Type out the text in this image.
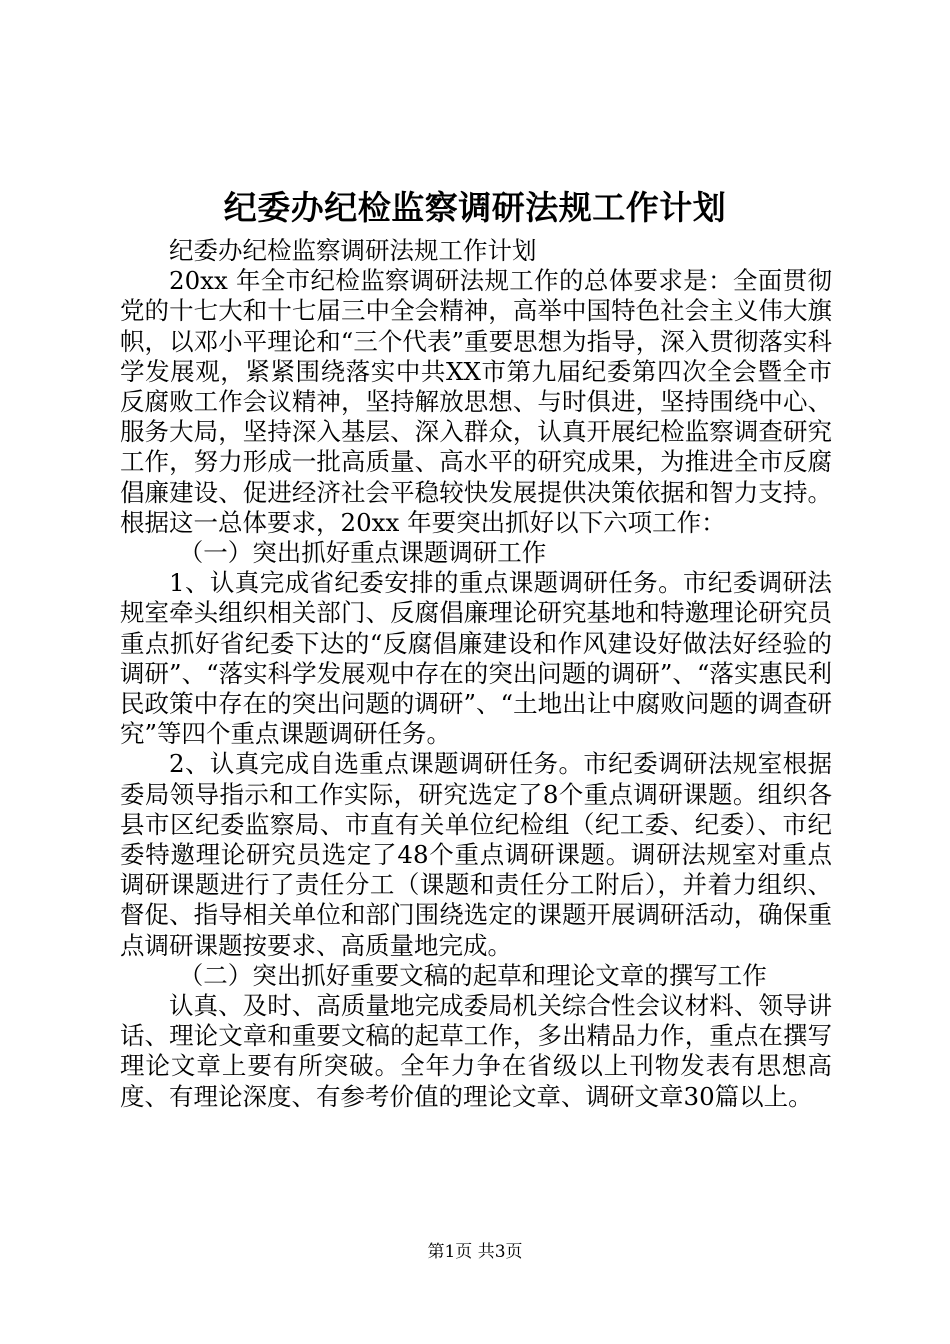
纪委办纪检监察调研法规工作计划

纪委办纪检监察调研法规工作计划

20xx 年全市纪检监察调研法规工作的总体要求是：全面贯彻党的十七大和十七届三中全会精神，高举中国特色社会主义伟大旗帜，以邓小平理论和“三个代表”重要思想为指导，深入贯彻落实科学发展观，紧紧围绕落实中共XX市第九届纪委第四次全会暨全市反腐败工作会议精神，坚持解放思想、与时俱进，坚持围绕中心、服务大局，坚持深入基层、深入群众，认真开展纪检监察调查研究工作，努力形成一批高质量、高水平的研究成果，为推进全市反腐倡廉建设、促进经济社会平稳较快发展提供决策依据和智力支持。根据这一总体要求，20xx 年要突出抓好以下六项工作：

（一）突出抓好重点课题调研工作

1、认真完成省纪委安排的重点课题调研任务。市纪委调研法规室牵头组织相关部门、反腐倡廉理论研究基地和特邀理论研究员重点抓好省纪委下达的“反腐倡廉建设和作风建设好做法好经验的调研”、“落实科学发展观中存在的突出问题的调研”、“落实惠民利民政策中存在的突出问题的调研”、“土地出让中腐败问题的调查研究”等四个重点课题调研任务。

2、认真完成自选重点课题调研任务。市纪委调研法规室根据委局领导指示和工作实际，研究选定了8个重点调研课题。组织各县市区纪委监察局、市直有关单位纪检组（纪工委、纪委）、市纪委特邀理论研究员选定了48个重点调研课题。调研法规室对重点调研课题进行了责任分工（课题和责任分工附后），并着力组织、督促、指导相关单位和部门围绕选定的课题开展调研活动，确保重点调研课题按要求、高质量地完成。

（二）突出抓好重要文稿的起草和理论文章的撰写工作

认真、及时、高质量地完成委局机关综合性会议材料、领导讲话、理论文章和重要文稿的起草工作，多出精品力作，重点在撰写理论文章上要有所突破。全年力争在省级以上刊物发表有思想高度、有理论深度、有参考价值的理论文章、调研文章30篇以上。

第1页 共3页
